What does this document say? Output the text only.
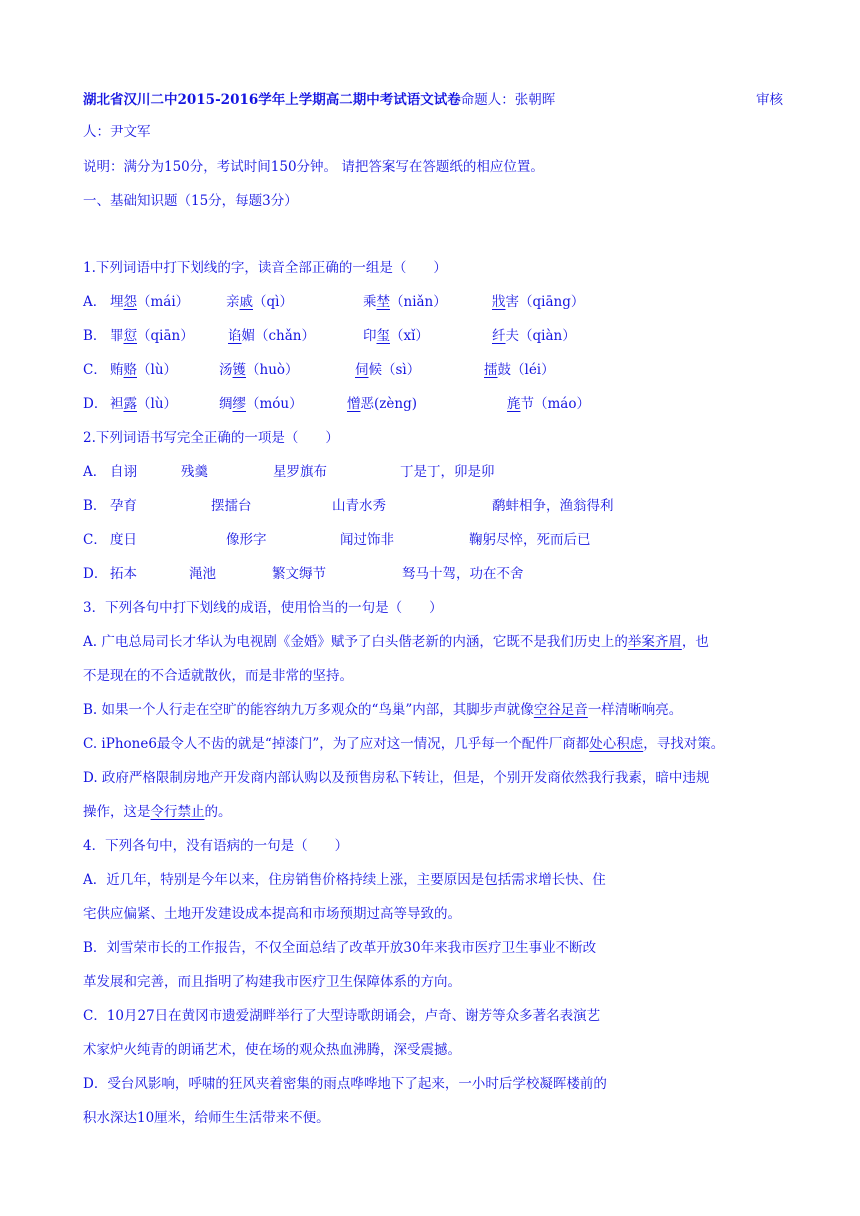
湖北省汉川二中2015-2016学年上学期高二期中考试语文试卷命题人：张朝晖	审核
人：尹文军
说明：满分为150分，考试时间150分钟。 请把答案写在答题纸的相应位置。
一、基础知识题（15分，每题3分）
1.下列词语中打下划线的字，读音全部正确的一组是（　　）
A． 埋怨（mái）	亲戚（qì）	乘埜（niǎn）	戕害（qiāng）
B． 罪愆（qiān）	谄媚（chǎn）	印玺（xǐ）	纤夫（qiàn）
C． 贿赂（lù）	汤镬（huò）	伺候（sì）	擂鼓（léi）
D． 袒露（lù）	绸缪（móu）	憎恶(zèng)	旄节（máo）
2.下列词语书写完全正确的一项是（　　）
A． 自诩	残羹	星罗旗布	丁是丁，卯是卯
B． 孕育	摆擂台	山青水秀	鹬蚌相争，渔翁得利
C． 度日	像形字	闻过饰非	鞠躬尽悴，死而后已
D． 拓本	渑池	繁文缛节	驽马十驾，功在不舍
3．下列各句中打下划线的成语，使用恰当的一句是（　　）
A. 广电总局司长才华认为电视剧《金婚》赋予了白头偕老新的内涵，它既不是我们历史上的举案齐眉，也
不是现在的不合适就散伙，而是非常的坚持。
B. 如果一个人行走在空旷的能容纳九万多观众的“鸟巢”内部，其脚步声就像空谷足音一样清晰响亮。
C. iPhone6最令人不齿的就是“掉漆门”，为了应对这一情况，几乎每一个配件厂商都处心积虑，寻找对策。
D. 政府严格限制房地产开发商内部认购以及预售房私下转让，但是，个别开发商依然我行我素，暗中违规
操作，这是令行禁止的。
4．下列各句中，没有语病的一句是（　　）
A．近几年，特别是今年以来，住房销售价格持续上涨，主要原因是包括需求增长快、住
宅供应偏紧、土地开发建设成本提高和市场预期过高等导致的。
B．刘雪荣市长的工作报告，不仅全面总结了改革开放30年来我市医疗卫生事业不断改
革发展和完善，而且指明了构建我市医疗卫生保障体系的方向。
C．10月27日在黄冈市遗爱湖畔举行了大型诗歌朗诵会，卢奇、谢芳等众多著名表演艺
术家炉火纯青的朗诵艺术，使在场的观众热血沸腾，深受震撼。
D．受台风影响，呼啸的狂风夹着密集的雨点哗哗地下了起来，一小时后学校凝晖楼前的
积水深达10厘米，给师生生活带来不便。
